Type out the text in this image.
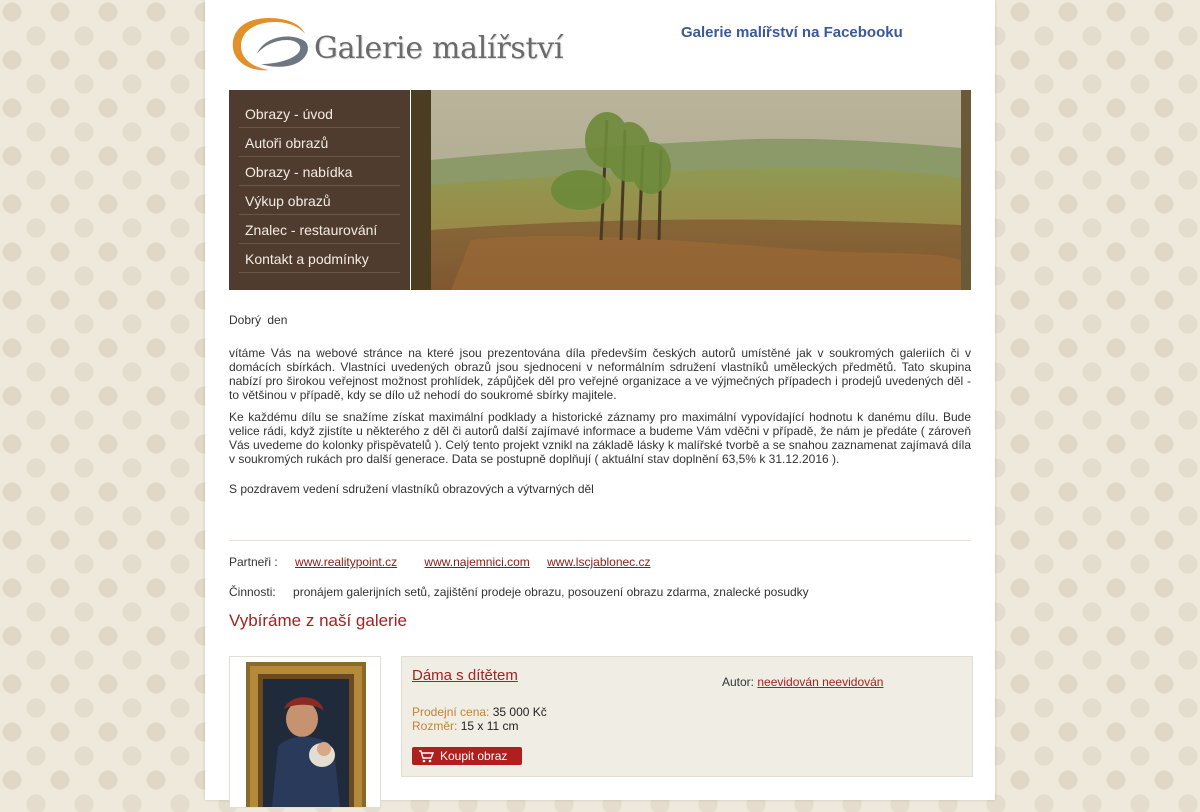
Galerie malířství	Galerie malířství na Facebooku
Obrazy - úvod
Autoři obrazů
Obrazy - nabídka
Výkup obrazů
Znalec - restaurování
Kontakt a podmínky

Dobrý den

vítáme Vás na webové stránce na které jsou prezentována díla především českých autorů umístěné jak v soukromých galeriích či v domácích sbírkách. Vlastníci uvedených obrazů jsou sjednoceni v neformálním sdružení vlastníků uměleckých předmětů. Tato skupina nabízí pro širokou veřejnost možnost prohlídek, zápůjček děl pro veřejné organizace a ve výjmečných případech i prodejů uvedených děl - to většinou v případě, kdy se dílo už nehodí do soukromé sbírky majitele.

Ke každému dílu se snažíme získat maximální podklady a historické záznamy pro maximální vypovídající hodnotu k danému dílu. Bude velice rádi, když zjistíte u některého z děl či autorů další zajímavé informace a budeme Vám vděčni v případě, že nám je předáte ( zároveň Vás uvedeme do kolonky přispěvatelů ). Celý tento projekt vznikl na základě lásky k malířské tvorbě a se snahou zaznamenat zajímavá díla v soukromých rukách pro další generace. Data se postupně doplňují ( aktuální stav doplnění 63,5% k 31.12.2016 ).

S pozdravem vedení sdružení vlastníků obrazových a výtvarných děl

Partneři : www.realitypoint.cz www.najemnici.com www.lscjablonec.cz
Činnosti: pronájem galerijních setů, zajištění prodeje obrazu, posouzení obrazu zdarma, znalecké posudky
Vybíráme z naší galerie
Dáma s dítětem	Autor: neevidován neevidován
Prodejní cena: 35 000 Kč
Rozměr: 15 x 11 cm
Koupit obraz
